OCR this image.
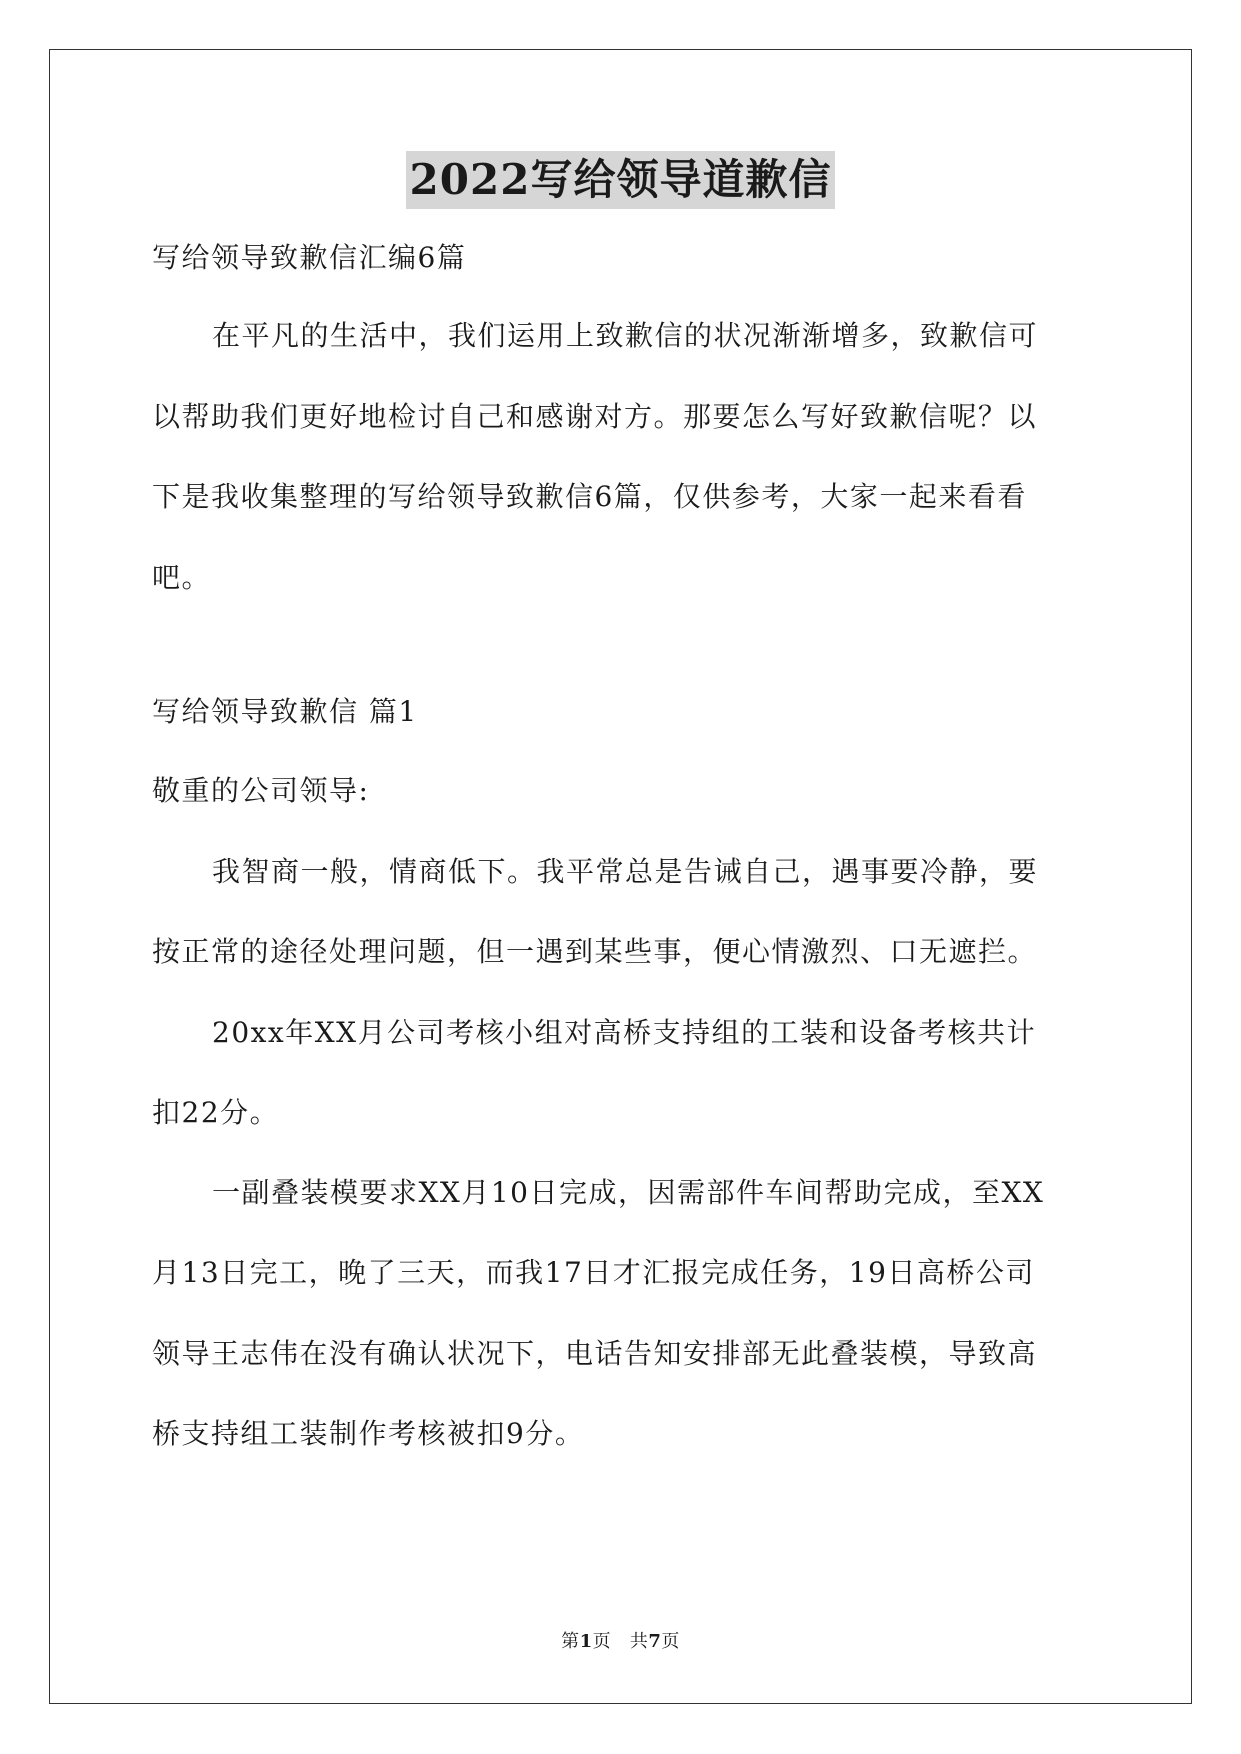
2022写给领导道歉信
写给领导致歉信汇编6篇
在平凡的生活中，我们运用上致歉信的状况渐渐增多，致歉信可
以帮助我们更好地检讨自己和感谢对方。那要怎么写好致歉信呢？以
下是我收集整理的写给领导致歉信6篇，仅供参考，大家一起来看看
吧。
写给领导致歉信 篇1
敬重的公司领导:
我智商一般，情商低下。我平常总是告诫自己，遇事要冷静，要
按正常的途径处理问题，但一遇到某些事，便心情激烈、口无遮拦。
20xx年XX月公司考核小组对高桥支持组的工装和设备考核共计
扣22分。
一副叠装模要求XX月10日完成，因需部件车间帮助完成，至XX
月13日完工，晚了三天，而我17日才汇报完成任务，19日高桥公司
领导王志伟在没有确认状况下，电话告知安排部无此叠装模，导致高
桥支持组工装制作考核被扣9分。
第1页 共7页
